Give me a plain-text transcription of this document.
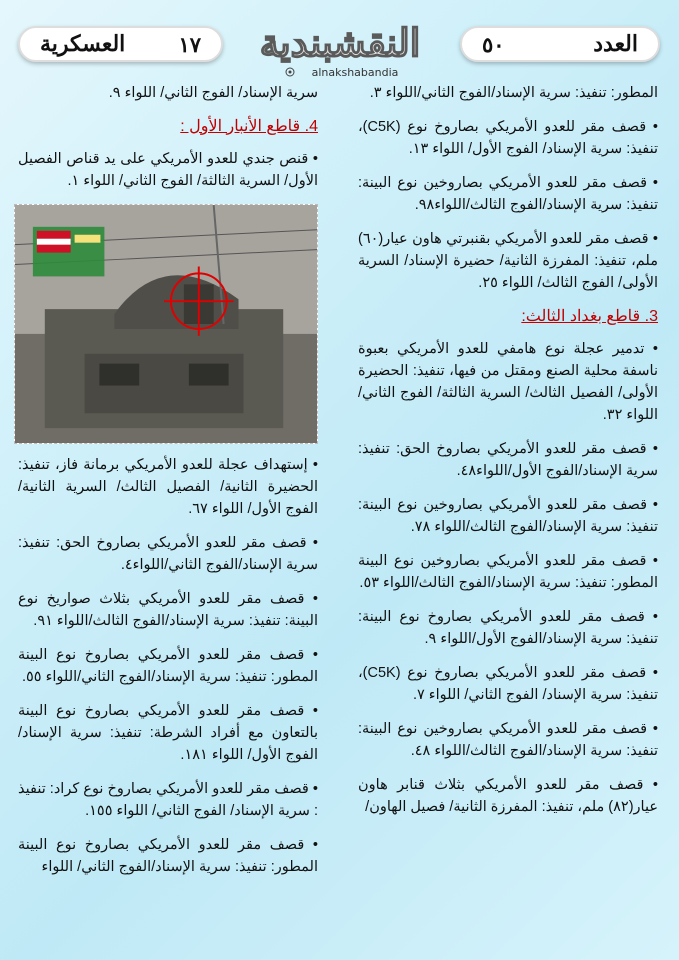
العسكرية	١٧ النقشبندية
alnakshabandia
٥٠	العدد

المطور: تنفيذ: سرية الإسناد/الفوج الثاني/اللواء ٣.

• قصف مقر للعدو الأمريكي بصاروخ نوع (C5K)، تنفيذ: سرية الإسناد/ الفوج الأول/ اللواء ١٣.

• قصف مقر للعدو الأمريكي بصاروخين نوع البينة: تنفيذ: سرية الإسناد/الفوج الثالث/اللواء٩٨.

• قصف مقر للعدو الأمريكي بقنبرتي هاون عيار(٦٠) ملم، تنفيذ: المفرزة الثانية/ حضيرة الإسناد/ السرية الأولى/ الفوج الثالث/ اللواء ٢٥.

3. قاطع بغداد الثالث:

• تدمير عجلة نوع هامفي للعدو الأمريكي بعبوة ناسفة محلية الصنع ومقتل من فيها، تنفيذ: الحضيرة الأولى/ الفصيل الثالث/ السرية الثالثة/ الفوج الثاني/ اللواء ٣٢.

• قصف مقر للعدو الأمريكي بصاروخ الحق: تنفيذ: سرية الإسناد/الفوج الأول/اللواء٤٨.

• قصف مقر للعدو الأمريكي بصاروخين نوع البينة: تنفيذ: سرية الإسناد/الفوج الثالث/اللواء ٧٨.

• قصف مقر للعدو الأمريكي بصاروخين نوع البينة المطور: تنفيذ: سرية الإسناد/الفوج الثالث/اللواء ٥٣.

• قصف مقر للعدو الأمريكي بصاروخ نوع البينة: تنفيذ: سرية الإسناد/الفوج الأول/اللواء ٩.

• قصف مقر للعدو الأمريكي بصاروخ نوع (C5K)، تنفيذ: سرية الإسناد/ الفوج الثاني/ اللواء ٧.

• قصف مقر للعدو الأمريكي بصاروخين نوع البينة: تنفيذ: سرية الإسناد/الفوج الثالث/اللواء ٤٨.

• قصف مقر للعدو الأمريكي بثلاث قنابر هاون عيار(٨٢) ملم، تنفيذ: المفرزة الثانية/ فصيل الهاون/

سرية الإسناد/ الفوج الثاني/ اللواء ٩.

4. قاطع الأنبار الأول :

• قنص جندي للعدو الأمريكي على يد قناص الفصيل الأول/ السرية الثالثة/ الفوج الثاني/ اللواء ١.

• إستهداف عجلة للعدو الأمريكي برمانة فاز، تنفيذ: الحضيرة الثانية/ الفصيل الثالث/ السرية الثانية/ الفوج الأول/ اللواء ٦٧.

• قصف مقر للعدو الأمريكي بصاروخ الحق: تنفيذ: سرية الإسناد/الفوج الثاني/اللواء٤.

• قصف مقر للعدو الأمريكي بثلاث صواريخ نوع البينة: تنفيذ: سرية الإسناد/الفوج الثالث/اللواء ٩١.

• قصف مقر للعدو الأمريكي بصاروخ نوع البينة المطور: تنفيذ: سرية الإسناد/الفوج الثاني/اللواء ٥٥.

• قصف مقر للعدو الأمريكي بصاروخ نوع البينة بالتعاون مع أفراد الشرطة: تنفيذ: سرية الإسناد/ الفوج الأول/ اللواء ١٨١.

• قصف مقر للعدو الأمريكي بصاروخ نوع كراد: تنفيذ : سرية الإسناد/ الفوج الثاني/ اللواء ١٥٥.

• قصف مقر للعدو الأمريكي بصاروخ نوع البينة المطور: تنفيذ: سرية الإسناد/الفوج الثاني/ اللواء
